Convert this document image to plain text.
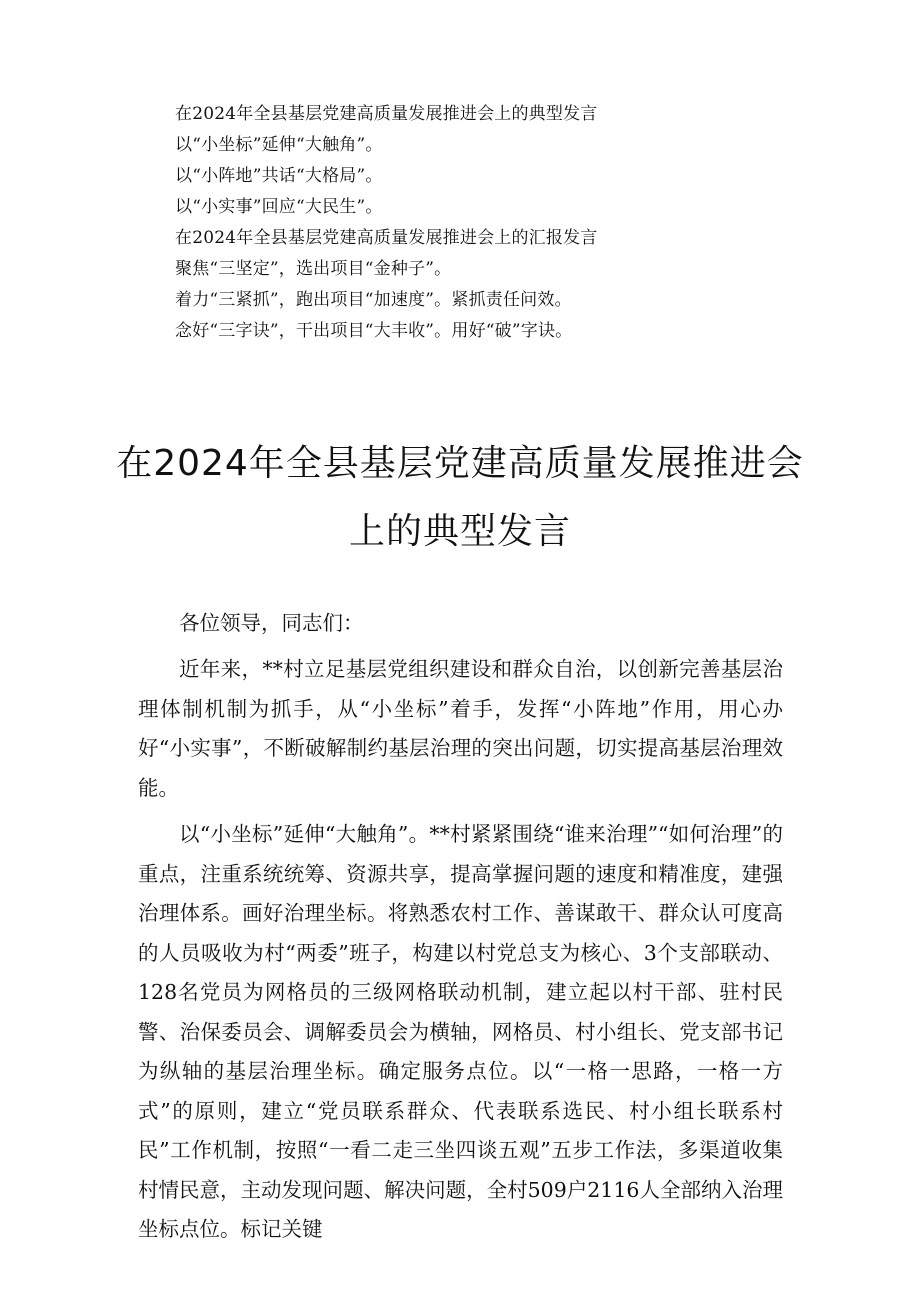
在2024年全县基层党建高质量发展推进会上的典型发言
以“小坐标”延伸“大触角”。
以“小阵地”共话“大格局”。
以“小实事”回应“大民生”。
在2024年全县基层党建高质量发展推进会上的汇报发言
聚焦“三坚定”，选出项目“金种子”。
着力“三紧抓”，跑出项目“加速度”。紧抓责任问效。
念好“三字诀”，干出项目“大丰收”。用好“破”字诀。
在2024年全县基层党建高质量发展推进会
上的典型发言

各位领导，同志们：

近年来，**村立足基层党组织建设和群众自治，以创新完善基层治理体制机制为抓手，从“小坐标”着手，发挥“小阵地”作用，用心办好“小实事”，不断破解制约基层治理的突出问题，切实提高基层治理效能。

以“小坐标”延伸“大触角”。**村紧紧围绕“谁来治理”“如何治理”的重点，注重系统统筹、资源共享，提高掌握问题的速度和精准度，建强治理体系。画好治理坐标。将熟悉农村工作、善谋敢干、群众认可度高的人员吸收为村“两委”班子，构建以村党总支为核心、3个支部联动、128名党员为网格员的三级网格联动机制，建立起以村干部、驻村民警、治保委员会、调解委员会为横轴，网格员、村小组长、党支部书记为纵轴的基层治理坐标。确定服务点位。以“一格一思路，一格一方式”的原则，建立“党员联系群众、代表联系选民、村小组长联系村民”工作机制，按照“一看二走三坐四谈五观”五步工作法，多渠道收集村情民意，主动发现问题、解决问题，全村509户2116人全部纳入治理坐标点位。标记关键
